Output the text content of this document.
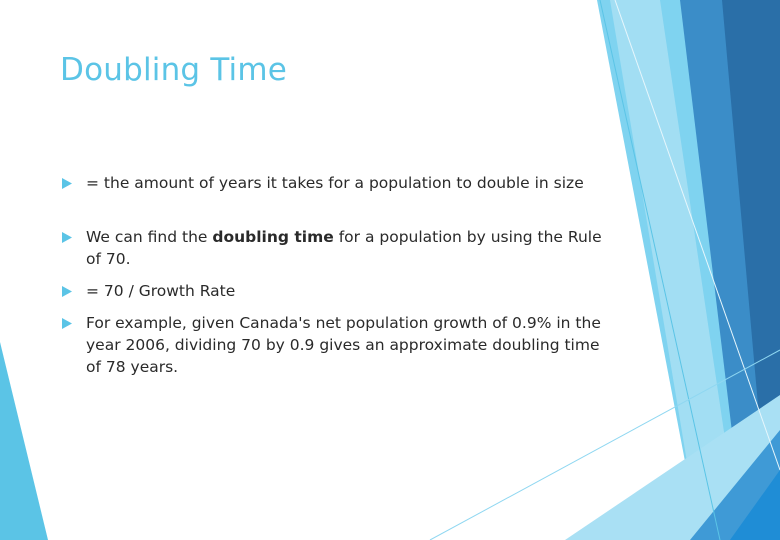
Doubling Time
= the amount of years it takes for a population to double in size
We can find the doubling time for a population by using the Rule of 70.
= 70 / Growth Rate
For example, given Canada's net population growth of 0.9% in the year 2006, dividing 70 by 0.9 gives an approximate doubling time of 78 years.
